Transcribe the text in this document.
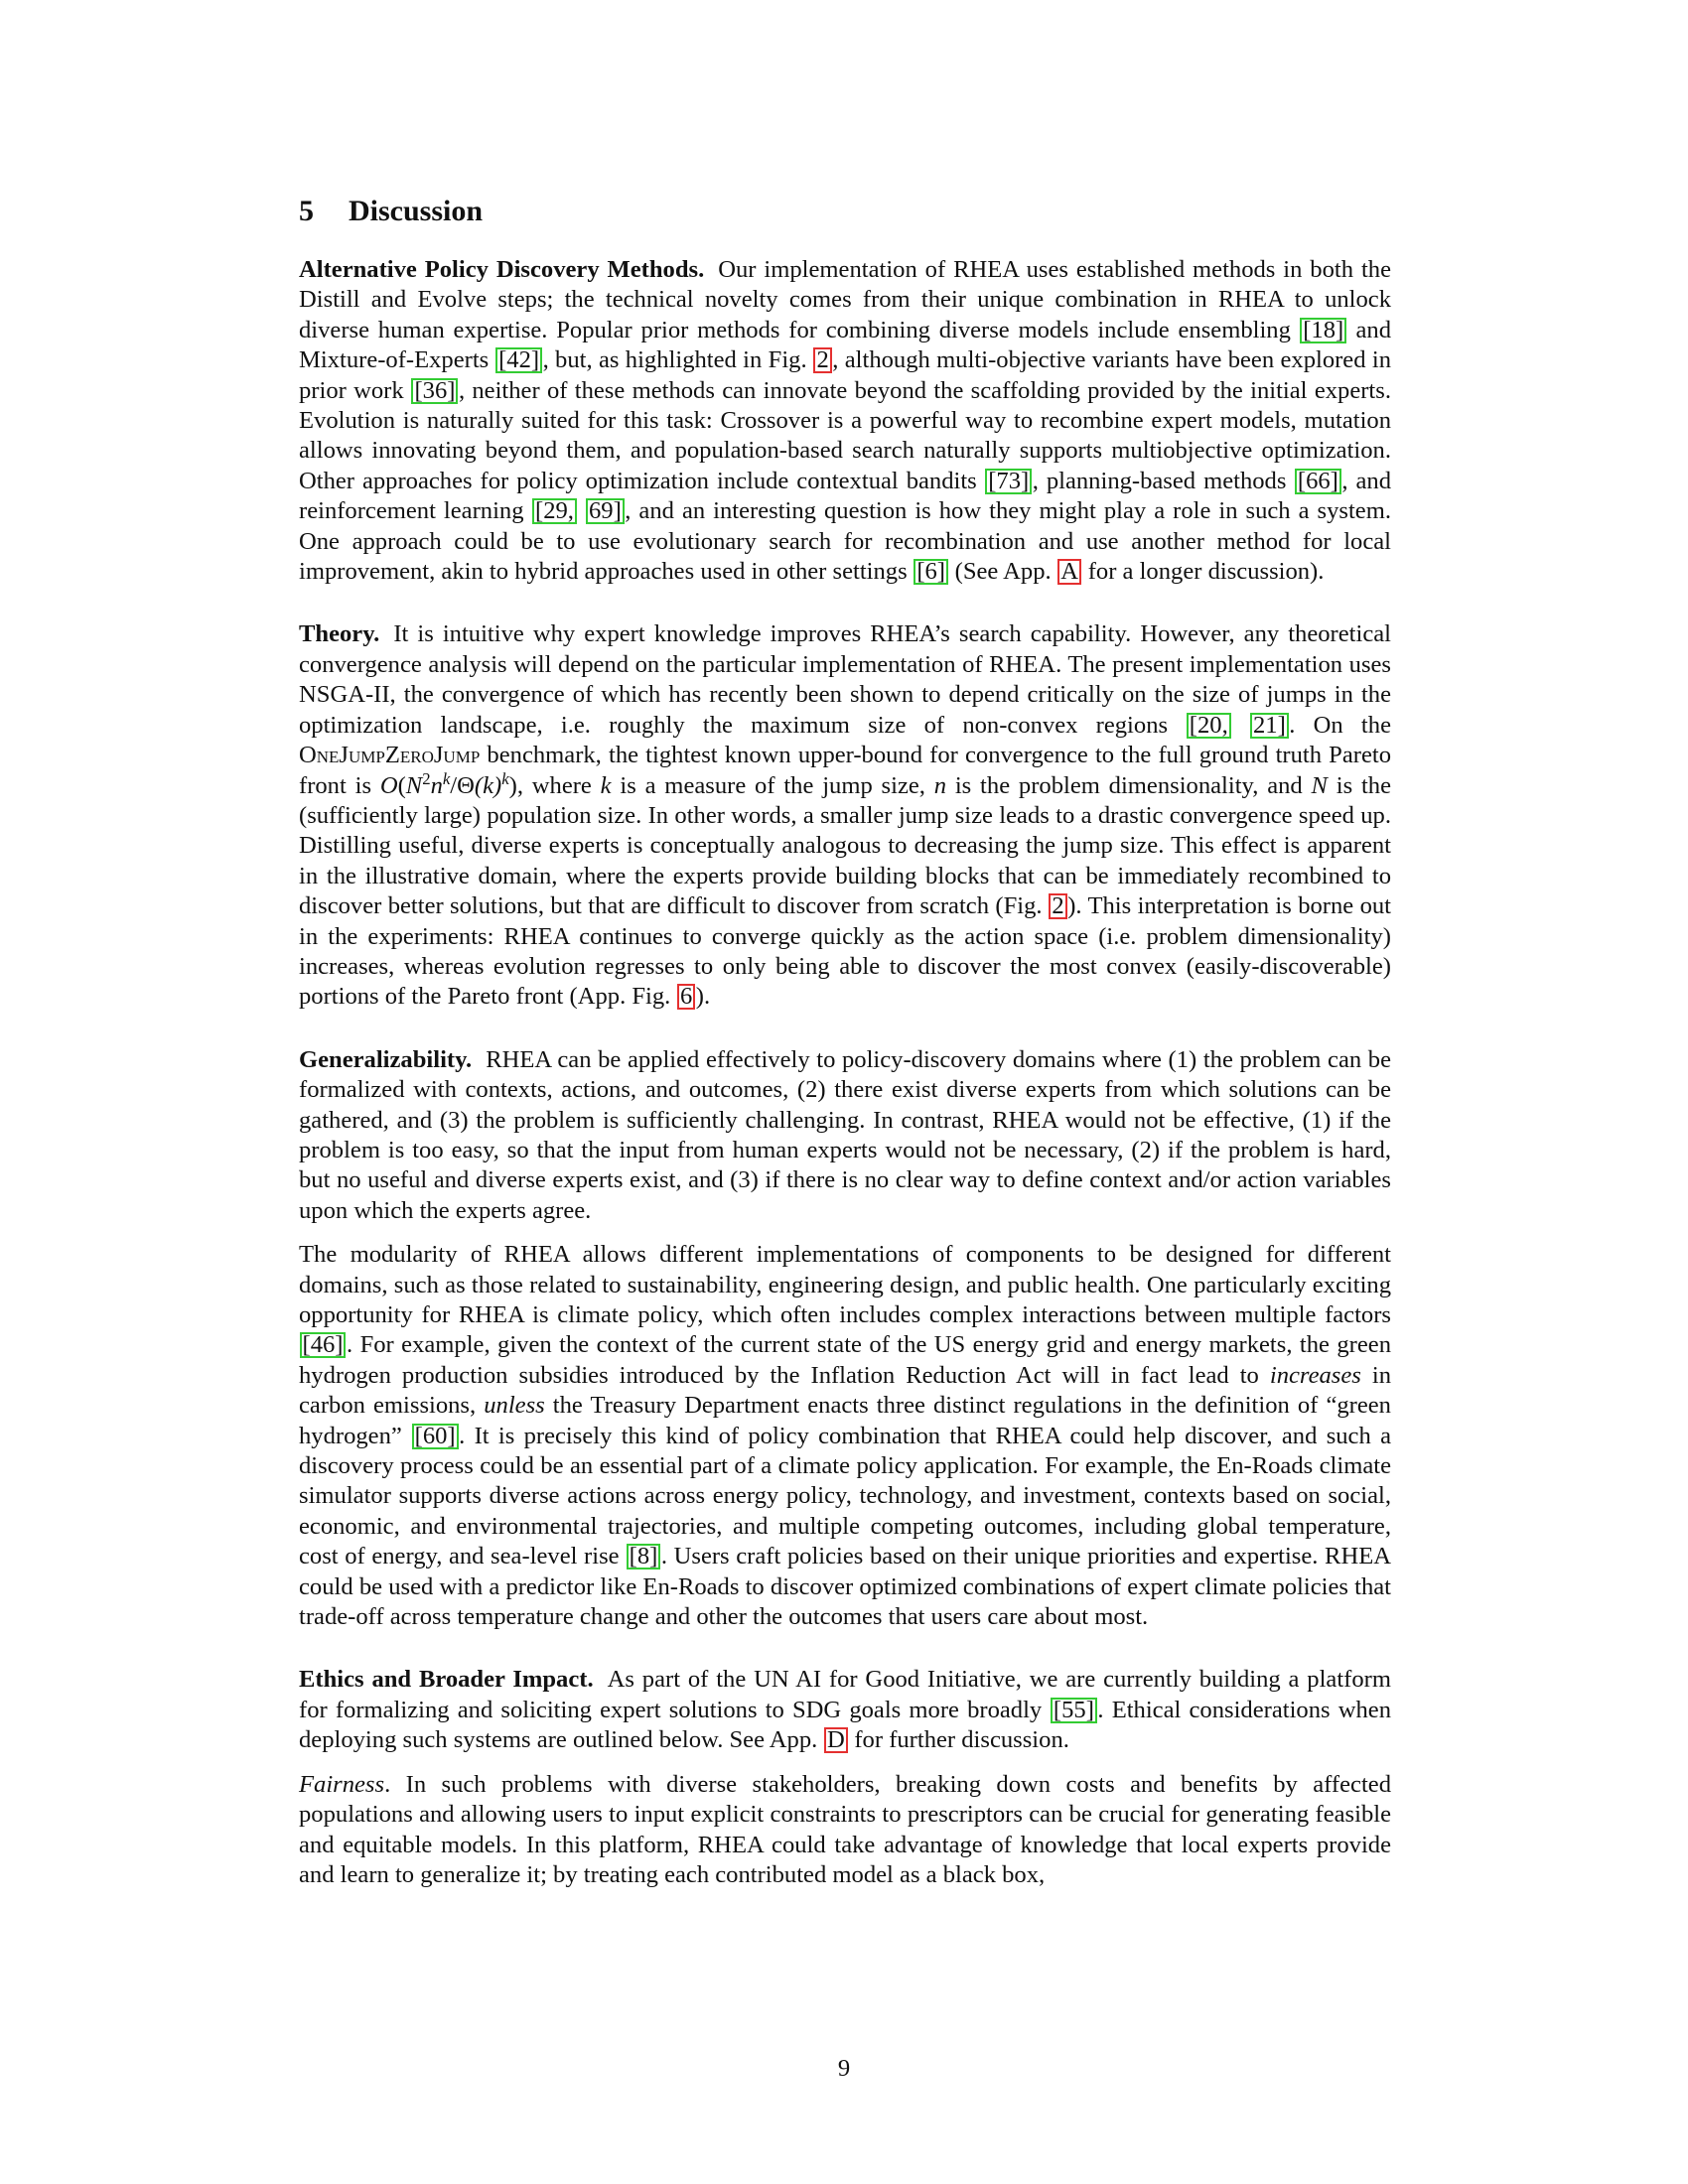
5 Discussion

Alternative Policy Discovery Methods. Our implementation of RHEA uses established methods in both the Distill and Evolve steps; the technical novelty comes from their unique combination in RHEA to unlock diverse human expertise. Popular prior methods for combining diverse models include ensembling [18] and Mixture-of-Experts [42] , but, as highlighted in Fig. 2 , although multi-objective variants have been explored in prior work [36] , neither of these methods can innovate beyond the scaffolding provided by the initial experts. Evolution is naturally suited for this task: Crossover is a powerful way to recombine expert models, mutation allows innovating beyond them, and population-based search naturally supports multiobjective optimization. Other approaches for policy optimization include contextual bandits [73] , planning-based methods [66] , and reinforcement learning [29, 69] , and an interesting question is how they might play a role in such a system. One approach could be to use evolutionary search for recombination and use another method for local improvement, akin to hybrid approaches used in other settings [6] (See App. A for a longer discussion).

Theory. It is intuitive why expert knowledge improves RHEA’s search capability. However, any theoretical convergence analysis will depend on the particular implementation of RHEA. The present implementation uses NSGA-II, the convergence of which has recently been shown to depend critically on the size of jumps in the optimization landscape, i.e. roughly the maximum size of non-convex regions [20, 21] . On the OneJumpZeroJump benchmark, the tightest known upper-bound for convergence to the full ground truth Pareto front is $O(N^2n^k/\Theta(k)^k)$, where k is a measure of the jump size, n is the problem dimensionality, and N is the (sufficiently large) population size. In other words, a smaller jump size leads to a drastic convergence speed up. Distilling useful, diverse experts is conceptually analogous to decreasing the jump size. This effect is apparent in the illustrative domain, where the experts provide building blocks that can be immediately recombined to discover better solutions, but that are difficult to discover from scratch (Fig. 2 ). This interpretation is borne out in the experiments: RHEA continues to converge quickly as the action space (i.e. problem dimensionality) increases, whereas evolution regresses to only being able to discover the most convex (easily-discoverable) portions of the Pareto front (App. Fig. 6 ).

Generalizability. RHEA can be applied effectively to policy-discovery domains where (1) the problem can be formalized with contexts, actions, and outcomes, (2) there exist diverse experts from which solutions can be gathered, and (3) the problem is sufficiently challenging. In contrast, RHEA would not be effective, (1) if the problem is too easy, so that the input from human experts would not be necessary, (2) if the problem is hard, but no useful and diverse experts exist, and (3) if there is no clear way to define context and/or action variables upon which the experts agree.

The modularity of RHEA allows different implementations of components to be designed for different domains, such as those related to sustainability, engineering design, and public health. One particularly exciting opportunity for RHEA is climate policy, which often includes complex interactions between multiple factors [46] . For example, given the context of the current state of the US energy grid and energy markets, the green hydrogen production subsidies introduced by the Inflation Reduction Act will in fact lead to increases in carbon emissions, unless the Treasury Department enacts three distinct regulations in the definition of “green hydrogen” [60] . It is precisely this kind of policy combination that RHEA could help discover, and such a discovery process could be an essential part of a climate policy application. For example, the En-Roads climate simulator supports diverse actions across energy policy, technology, and investment, contexts based on social, economic, and environmental trajectories, and multiple competing outcomes, including global temperature, cost of energy, and sea-level rise [8] . Users craft policies based on their unique priorities and expertise. RHEA could be used with a predictor like En-Roads to discover optimized combinations of expert climate policies that trade-off across temperature change and other the outcomes that users care about most.

Ethics and Broader Impact. As part of the UN AI for Good Initiative, we are currently building a platform for formalizing and soliciting expert solutions to SDG goals more broadly [55] . Ethical considerations when deploying such systems are outlined below. See App. D for further discussion.

Fairness. In such problems with diverse stakeholders, breaking down costs and benefits by affected populations and allowing users to input explicit constraints to prescriptors can be crucial for generating feasible and equitable models. In this platform, RHEA could take advantage of knowledge that local experts provide and learn to generalize it; by treating each contributed model as a black box,

9
